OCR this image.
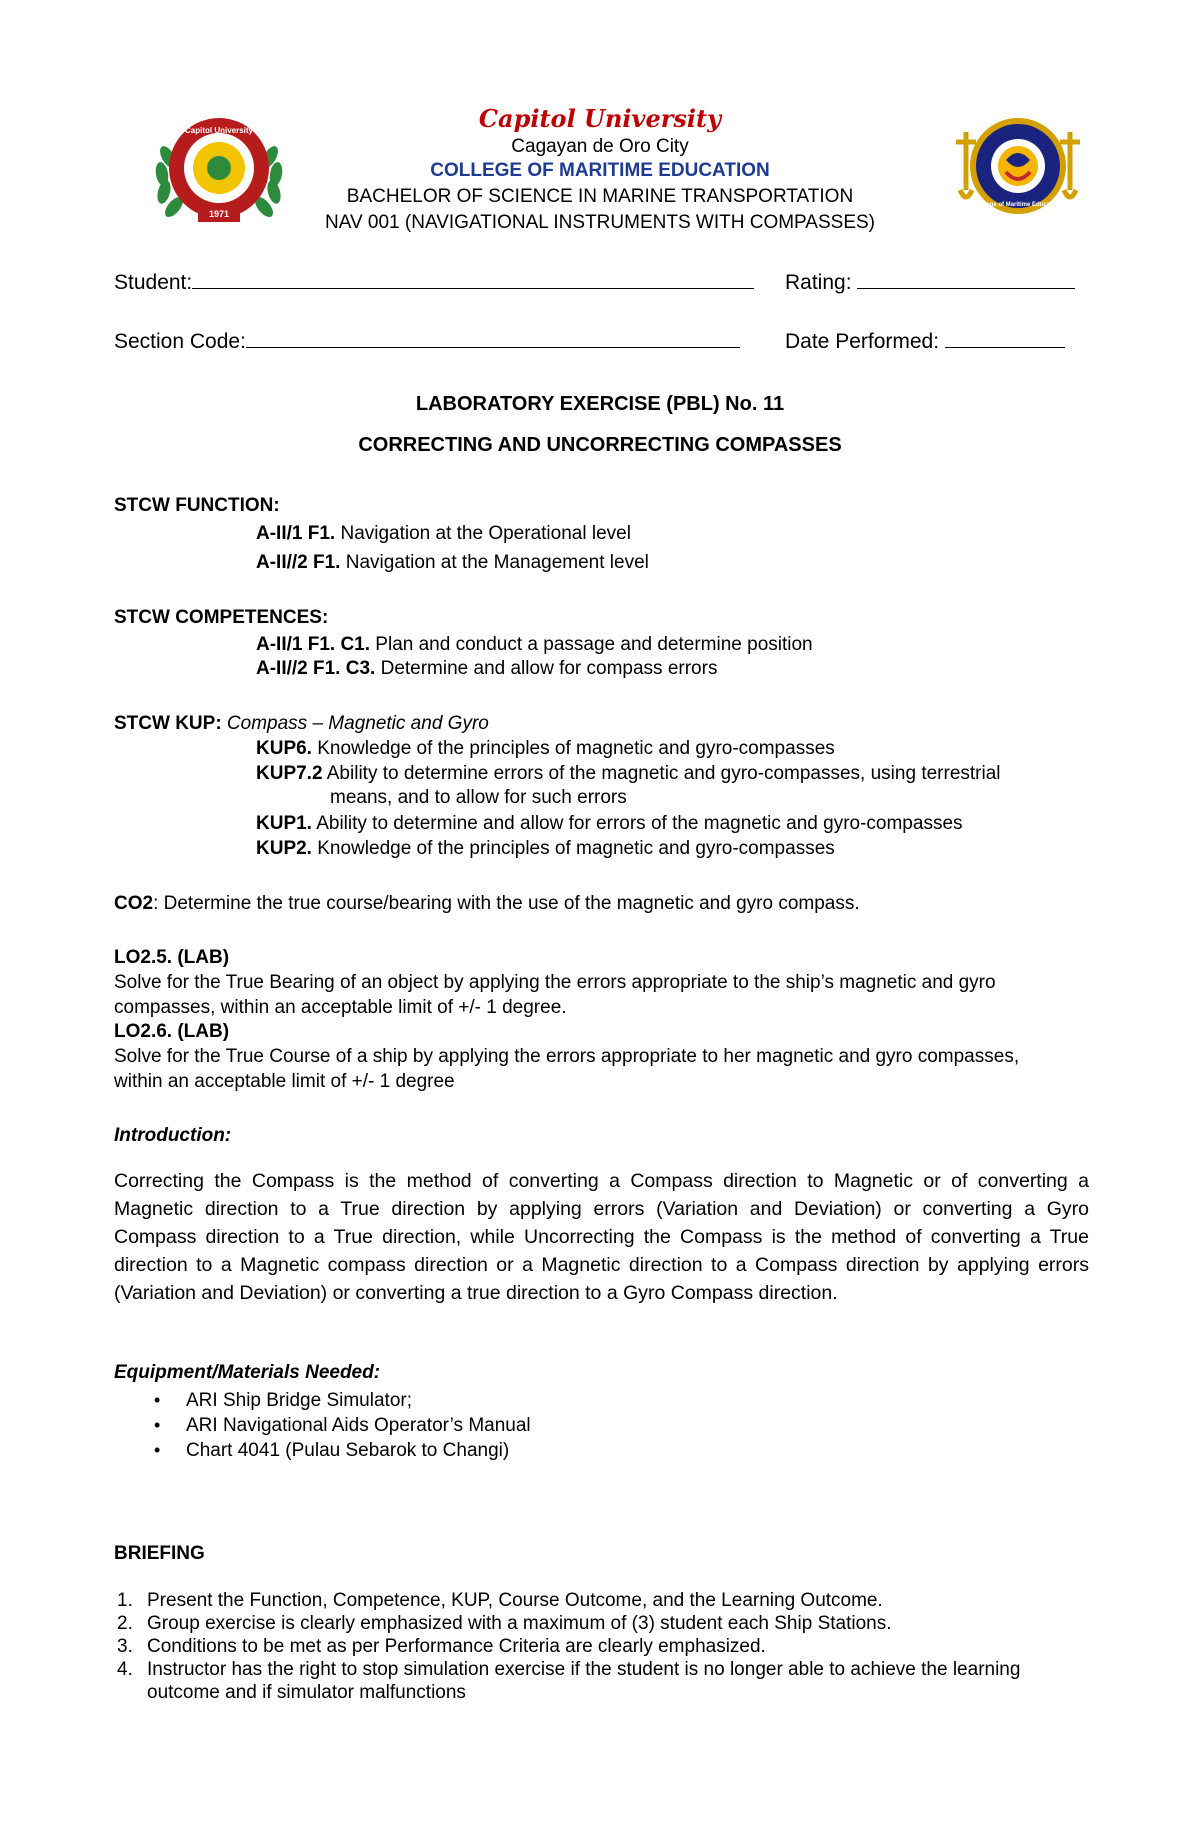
Capitol University
1971
College of Maritime Education
Capitol University
Cagayan de Oro City
COLLEGE OF MARITIME EDUCATION
BACHELOR OF SCIENCE IN MARINE TRANSPORTATION
NAV 001 (NAVIGATIONAL INSTRUMENTS WITH COMPASSES)
Student:	Rating:
Section Code:	Date Performed:
LABORATORY EXERCISE (PBL) No. 11
CORRECTING AND UNCORRECTING COMPASSES
STCW FUNCTION:
A-II/1 F1. Navigation at the Operational level
A-II//2 F1. Navigation at the Management level
STCW COMPETENCES:
A-II/1 F1. C1. Plan and conduct a passage and determine position
A-II//2 F1. C3. Determine and allow for compass errors
STCW KUP: Compass – Magnetic and Gyro
KUP6. Knowledge of the principles of magnetic and gyro-compasses
KUP7.2 Ability to determine errors of the magnetic and gyro-compasses, using terrestrial
means, and to allow for such errors
KUP1. Ability to determine and allow for errors of the magnetic and gyro-compasses
KUP2. Knowledge of the principles of magnetic and gyro-compasses
CO2: Determine the true course/bearing with the use of the magnetic and gyro compass.
LO2.5. (LAB)
Solve for the True Bearing of an object by applying the errors appropriate to the ship’s magnetic and gyro
compasses, within an acceptable limit of +/- 1 degree.
LO2.6. (LAB)
Solve for the True Course of a ship by applying the errors appropriate to her magnetic and gyro compasses,
within an acceptable limit of +/- 1 degree
Introduction:
Correcting the Compass is the method of converting a Compass direction to Magnetic or of converting a
Magnetic direction to a True direction by applying errors (Variation and Deviation) or converting a Gyro
Compass direction to a True direction, while Uncorrecting the Compass is the method of converting a True
direction to a Magnetic compass direction or a Magnetic direction to a Compass direction by applying errors
(Variation and Deviation) or converting a true direction to a Gyro Compass direction.
Equipment/Materials Needed:
• ARI Ship Bridge Simulator;
• ARI Navigational Aids Operator’s Manual
• Chart 4041 (Pulau Sebarok to Changi)
BRIEFING
1. Present the Function, Competence, KUP, Course Outcome, and the Learning Outcome.
2. Group exercise is clearly emphasized with a maximum of (3) student each Ship Stations.
3. Conditions to be met as per Performance Criteria are clearly emphasized.
4. Instructor has the right to stop simulation exercise if the student is no longer able to achieve the learning
outcome and if simulator malfunctions
